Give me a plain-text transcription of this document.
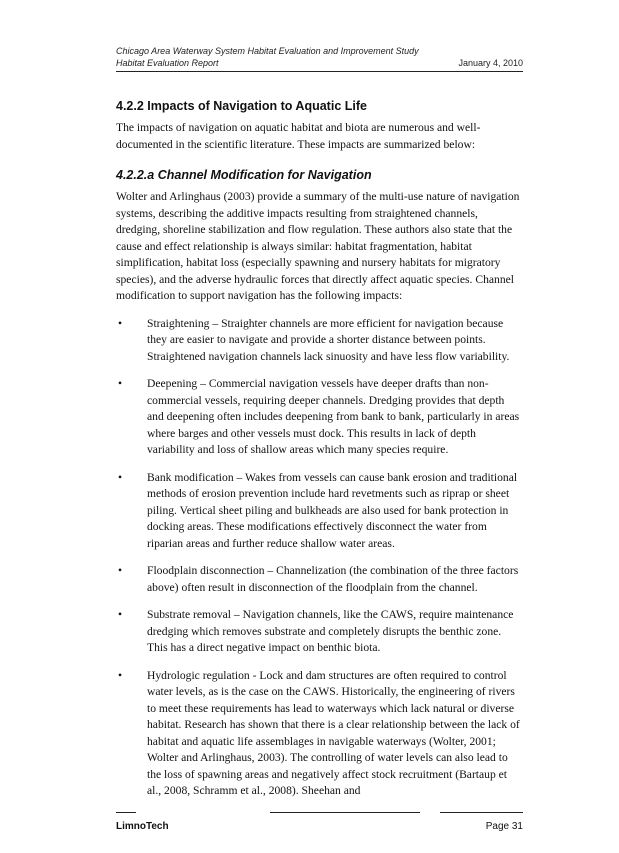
Chicago Area Waterway System Habitat Evaluation and Improvement Study
Habitat Evaluation Report	January 4, 2010
4.2.2 Impacts of Navigation to Aquatic Life

The impacts of navigation on aquatic habitat and biota are numerous and well-documented in the scientific literature. These impacts are summarized below:

4.2.2.a Channel Modification for Navigation

Wolter and Arlinghaus (2003) provide a summary of the multi-use nature of navigation systems, describing the additive impacts resulting from straightened channels, dredging, shoreline stabilization and flow regulation. These authors also state that the cause and effect relationship is always similar: habitat fragmentation, habitat simplification, habitat loss (especially spawning and nursery habitats for migratory species), and the adverse hydraulic forces that directly affect aquatic species. Channel modification to support navigation has the following impacts:

• Straightening – Straighter channels are more efficient for navigation because they are easier to navigate and provide a shorter distance between points. Straightened navigation channels lack sinuosity and have less flow variability.
• Deepening – Commercial navigation vessels have deeper drafts than non-commercial vessels, requiring deeper channels. Dredging provides that depth and deepening often includes deepening from bank to bank, particularly in areas where barges and other vessels must dock. This results in lack of depth variability and loss of shallow areas which many species require.
• Bank modification – Wakes from vessels can cause bank erosion and traditional methods of erosion prevention include hard revetments such as riprap or sheet piling. Vertical sheet piling and bulkheads are also used for bank protection in docking areas. These modifications effectively disconnect the water from riparian areas and further reduce shallow water areas.
• Floodplain disconnection – Channelization (the combination of the three factors above) often result in disconnection of the floodplain from the channel.
• Substrate removal – Navigation channels, like the CAWS, require maintenance dredging which removes substrate and completely disrupts the benthic zone. This has a direct negative impact on benthic biota.
• Hydrologic regulation - Lock and dam structures are often required to control water levels, as is the case on the CAWS. Historically, the engineering of rivers to meet these requirements has lead to waterways which lack natural or diverse habitat. Research has shown that there is a clear relationship between the lack of habitat and aquatic life assemblages in navigable waterways (Wolter, 2001; Wolter and Arlinghaus, 2003). The controlling of water levels can also lead to the loss of spawning areas and negatively affect stock recruitment (Bartaup et al., 2008, Schramm et al., 2008). Sheehan and
LimnoTech	Page 31
